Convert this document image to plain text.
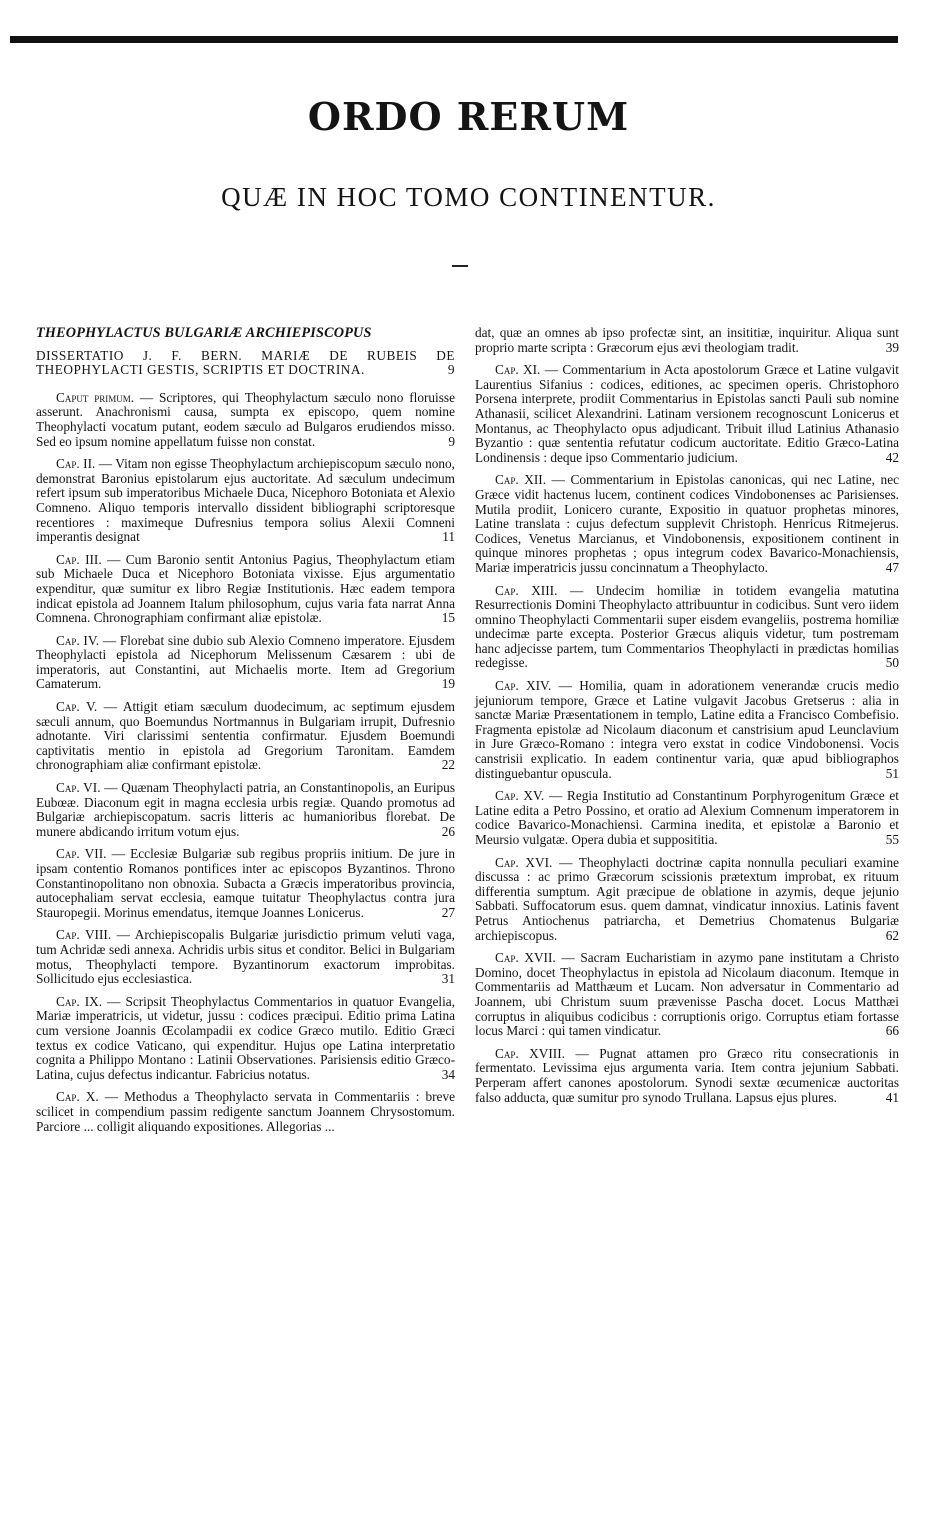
ORDO RERUM
QUÆ IN HOC TOMO CONTINENTUR.

THEOPHYLACTUS BULGARIÆ ARCHIEPISCOPUS

DISSERTATIO J. F. BERN. MARIÆ DE RUBEIS DE THEOPHYLACTI GESTIS, SCRIPTIS ET DOCTRINA.	9

Caput primum. — Scriptores, qui Theophylactum sæculo nono floruisse asserunt. Anachronismi causa, sumpta ex episcopo, quem nomine Theophylacti vocatum putant, eodem sæculo ad Bulgaros erudiendos misso. Sed eo ipsum nomine appellatum fuisse non constat.	9

Cap. II. — Vitam non egisse Theophylactum archiepiscopum sæculo nono, demonstrat Baronius epistolarum ejus auctoritate. Ad sæculum undecimum refert ipsum sub imperatoribus Michaele Duca, Nicephoro Botoniata et Alexio Comneno. Aliquo temporis intervallo dissident bibliographi scriptoresque recentiores : maximeque Dufresnius tempora solius Alexii Comneni imperantis designat	11

Cap. III. — Cum Baronio sentit Antonius Pagius, Theophylactum etiam sub Michaele Duca et Nicephoro Botoniata vixisse. Ejus argumentatio expenditur, quæ sumitur ex libro Regiæ Institutionis. Hæc eadem tempora indicat epistola ad Joannem Italum philosophum, cujus varia fata narrat Anna Comnena. Chronographiam confirmant aliæ epistolæ.	15

Cap. IV. — Florebat sine dubio sub Alexio Comneno imperatore. Ejusdem Theophylacti epistola ad Nicephorum Melissenum Cæsarem : ubi de imperatoris, aut Constantini, aut Michaelis morte. Item ad Gregorium Camaterum.	19

Cap. V. — Attigit etiam sæculum duodecimum, ac septimum ejusdem sæculi annum, quo Boemundus Nortmannus in Bulgariam irrupit, Dufresnio adnotante. Viri clarissimi sententia confirmatur. Ejusdem Boemundi captivitatis mentio in epistola ad Gregorium Taronitam. Eamdem chronographiam aliæ confirmant epistolæ.	22

Cap. VI. — Quænam Theophylacti patria, an Constantinopolis, an Euripus Eubœæ. Diaconum egit in magna ecclesia urbis regiæ. Quando promotus ad Bulgariæ archiepiscopatum. sacris litteris ac humanioribus florebat. De munere abdicando irritum votum ejus.	26

Cap. VII. — Ecclesiæ Bulgariæ sub regibus propriis initium. De jure in ipsam contentio Romanos pontifices inter ac episcopos Byzantinos. Throno Constantinopolitano non obnoxia. Subacta a Græcis imperatoribus provincia, autocephaliam servat ecclesia, eamque tuitatur Theophylactus contra jura Stauropegii. Morinus emendatus, itemque Joannes Lonicerus.	27

Cap. VIII. — Archiepiscopalis Bulgariæ jurisdictio primum veluti vaga, tum Achridæ sedi annexa. Achridis urbis situs et conditor. Belici in Bulgariam motus, Theophylacti tempore. Byzantinorum exactorum improbitas. Sollicitudo ejus ecclesiastica.	31

Cap. IX. — Scripsit Theophylactus Commentarios in quatuor Evangelia, Mariæ imperatricis, ut videtur, jussu : codices præcipui. Editio prima Latina cum versione Joannis Œcolampadii ex codice Græco mutilo. Editio Græci textus ex codice Vaticano, qui expenditur. Hujus ope Latina interpretatio cognita a Philippo Montano : Latinii Observationes. Parisiensis editio Græco-Latina, cujus defectus indicantur. Fabricius notatus.	34

Cap. X. — Methodus a Theophylacto servata in Commentariis : breve scilicet in compendium passim redigente sanctum Joannem Chrysostomum. Parciore ... colligit aliquando expositiones. Allegorias ...

dat, quæ an omnes ab ipso profectæ sint, an insititiæ, inquiritur. Aliqua sunt proprio marte scripta : Græcorum ejus ævi theologiam tradit.	39

Cap. XI. — Commentarium in Acta apostolorum Græce et Latine vulgavit Laurentius Sifanius : codices, editiones, ac specimen operis. Christophoro Porsena interprete, prodiit Commentarius in Epistolas sancti Pauli sub nomine Athanasii, scilicet Alexandrini. Latinam versionem recognoscunt Lonicerus et Montanus, ac Theophylacto opus adjudicant. Tribuit illud Latinius Athanasio Byzantio : quæ sententia refutatur codicum auctoritate. Editio Græco-Latina Londinensis : deque ipso Commentario judicium.	42

Cap. XII. — Commentarium in Epistolas canonicas, qui nec Latine, nec Græce vidit hactenus lucem, continent codices Vindobonenses ac Parisienses. Mutila prodiit, Lonicero curante, Expositio in quatuor prophetas minores, Latine translata : cujus defectum supplevit Christoph. Henricus Ritmejerus. Codices, Venetus Marcianus, et Vindobonensis, expositionem continent in quinque minores prophetas ; opus integrum codex Bavarico-Monachiensis, Mariæ imperatricis jussu concinnatum a Theophylacto.	47

Cap. XIII. — Undecim homiliæ in totidem evangelia matutina Resurrectionis Domini Theophylacto attribuuntur in codicibus. Sunt vero iidem omnino Theophylacti Commentarii super eisdem evangeliis, postrema homiliæ undecimæ parte excepta. Posterior Græcus aliquis videtur, tum postremam hanc adjecisse partem, tum Commentarios Theophylacti in prædictas homilias redegisse.	50

Cap. XIV. — Homilia, quam in adorationem venerandæ crucis medio jejuniorum tempore, Græce et Latine vulgavit Jacobus Gretserus : alia in sanctæ Mariæ Præsentationem in templo, Latine edita a Francisco Combefisio. Fragmenta epistolæ ad Nicolaum diaconum et canstrisium apud Leunclavium in Jure Græco-Romano : integra vero exstat in codice Vindobonensi. Vocis canstrisii explicatio. In eadem continentur varia, quæ apud bibliographos distinguebantur opuscula.	51

Cap. XV. — Regia Institutio ad Constantinum Porphyrogenitum Græce et Latine edita a Petro Possino, et oratio ad Alexium Comnenum imperatorem in codice Bavarico-Monachiensi. Carmina inedita, et epistolæ a Baronio et Meursio vulgatæ. Opera dubia et supposititia.	55

Cap. XVI. — Theophylacti doctrinæ capita nonnulla peculiari examine discussa : ac primo Græcorum scissionis prætextum improbat, ex rituum differentia sumptum. Agit præcipue de oblatione in azymis, deque jejunio Sabbati. Suffocatorum esus. quem damnat, vindicatur innoxius. Latinis favent Petrus Antiochenus patriarcha, et Demetrius Chomatenus Bulgariæ archiepiscopus.	62

Cap. XVII. — Sacram Eucharistiam in azymo pane institutam a Christo Domino, docet Theophylactus in epistola ad Nicolaum diaconum. Itemque in Commentariis ad Matthæum et Lucam. Non adversatur in Commentario ad Joannem, ubi Christum suum prævenisse Pascha docet. Locus Matthæi corruptus in aliquibus codicibus : corruptionis origo. Corruptus etiam fortasse locus Marci : qui tamen vindicatur.	66

Cap. XVIII. — Pugnat attamen pro Græco ritu consecrationis in fermentato. Levissima ejus argumenta varia. Item contra jejunium Sabbati. Perperam affert canones apostolorum. Synodi sextæ œcumenicæ auctoritas falso adducta, quæ sumitur pro synodo Trullana. Lapsus ejus plures.	41
